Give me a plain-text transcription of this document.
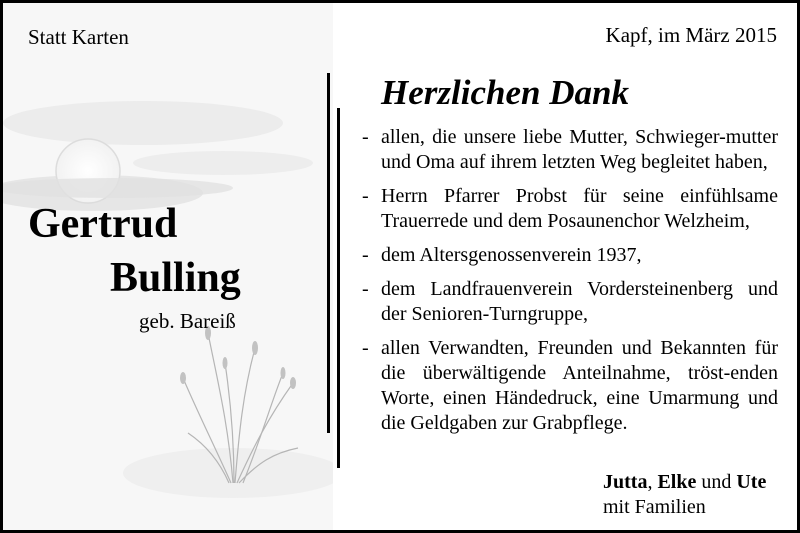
Statt Karten	Kapf, im März 2015
Gertrud
Bulling
geb. Bareiß
Herzlichen Dank
- allen, die unsere liebe Mutter, Schwieger-mutter und Oma auf ihrem letzten Weg begleitet haben,
- Herrn Pfarrer Probst für seine einfühlsame Trauerrede und dem Posaunenchor Welzheim,
- dem Altersgenossenverein 1937,
- dem Landfrauenverein Vordersteinenberg und der Senioren-Turngruppe,
- allen Verwandten, Freunden und Bekannten für die überwältigende Anteilnahme, tröst-enden Worte, einen Händedruck, eine Umarmung und die Geldgaben zur Grabpflege.
Jutta, Elke und Ute
mit Familien
